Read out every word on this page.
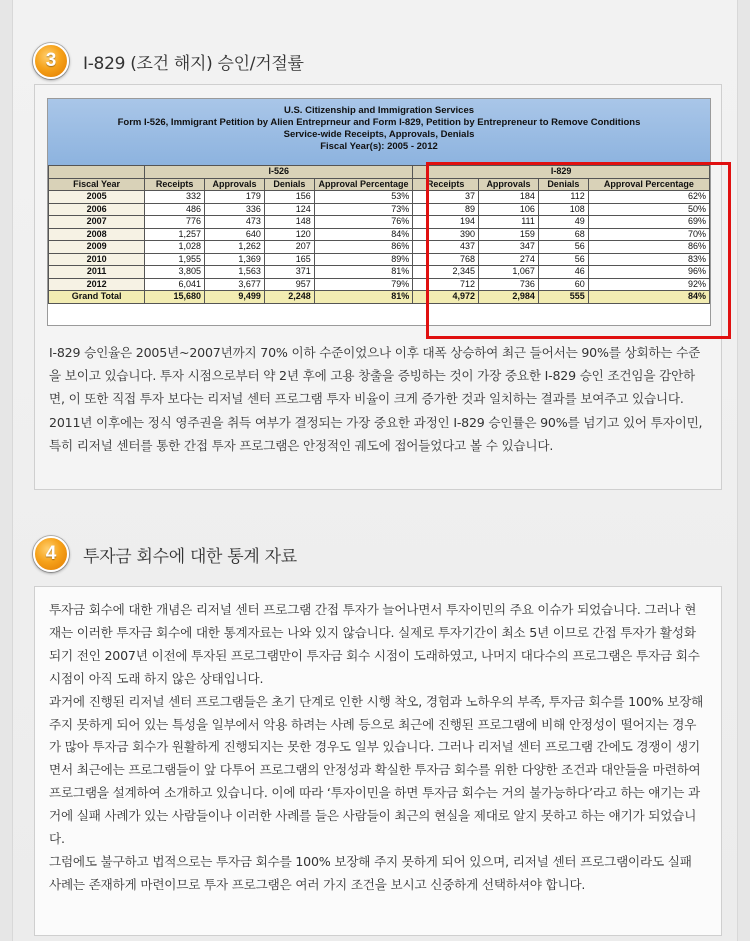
3	I-829 (조건 해지) 승인/거절률
U.S. Citizenship and Immigration Services
Form I-526, Immigrant Petition by Alien Entreprneur and Form I-829, Petition by Entrepreneur to Remove Conditions
Service-wide Receipts, Approvals, Denials
Fiscal Year(s): 2005 - 2012
	I-526				I-829			
Fiscal Year	Receipts	Approvals	Denials	Approval Percentage	Receipts	Approvals	Denials	Approval Percentage
2005	332	179	156	53%	37	184	112	62%
2006	486	336	124	73%	89	106	108	50%
2007	776	473	148	76%	194	111	49	69%
2008	1,257	640	120	84%	390	159	68	70%
2009	1,028	1,262	207	86%	437	347	56	86%
2010	1,955	1,369	165	89%	768	274	56	83%
2011	3,805	1,563	371	81%	2,345	1,067	46	96%
2012	6,041	3,677	957	79%	712	736	60	92%
Grand Total	15,680	9,499	2,248	81%	4,972	2,984	555	84%
I-829 승인율은 2005년~2007년까지 70% 이하 수준이었으나 이후 대폭 상승하여 최근 들어서는 90%를 상회하는 수준을 보이고 있습니다. 투자 시점으로부터 약 2년 후에 고용 창출을 증빙하는 것이 가장 중요한 I-829 승인 조건임을 감안하면, 이 또한 직접 투자 보다는 리저널 센터 프로그램 투자 비율이 크게 증가한 것과 일치하는 결과를 보여주고 있습니다. 2011년 이후에는 정식 영주권을 취득 여부가 결정되는 가장 중요한 과정인 I-829 승인률은 90%를 넘기고 있어 투자이민, 특히 리저널 센터를 통한 간접 투자 프로그램은 안정적인 궤도에 접어들었다고 볼 수 있습니다.
4	투자금 회수에 대한 통계 자료
투자금 회수에 대한 개념은 리저널 센터 프로그램 간접 투자가 늘어나면서 투자이민의 주요 이슈가 되었습니다. 그러나 현재는 이러한 투자금 회수에 대한 통계자료는 나와 있지 않습니다. 실제로 투자기간이 최소 5년 이므로 간접 투자가 활성화 되기 전인 2007년 이전에 투자된 프로그램만이 투자금 회수 시점이 도래하였고, 나머지 대다수의 프로그램은 투자금 회수 시점이 아직 도래 하지 않은 상태입니다.
과거에 진행된 리저널 센터 프로그램들은 초기 단계로 인한 시행 착오, 경험과 노하우의 부족, 투자금 회수를 100% 보장해 주지 못하게 되어 있는 특성을 일부에서 악용 하려는 사례 등으로 최근에 진행된 프로그램에 비해 안정성이 떨어지는 경우가 많아 투자금 회수가 원활하게 진행되지는 못한 경우도 일부 있습니다. 그러나 리저널 센터 프로그램 간에도 경쟁이 생기면서 최근에는 프로그램들이 앞 다투어 프로그램의 안정성과 확실한 투자금 회수를 위한 다양한 조건과 대안들을 마련하여 프로그램을 설계하여 소개하고 있습니다. 이에 따라 ‘투자이민을 하면 투자금 회수는 거의 불가능하다’라고 하는 얘기는 과거에 실패 사례가 있는 사람들이나 이러한 사례를 들은 사람들이 최근의 현실을 제대로 알지 못하고 하는 얘기가 되었습니다.
그럼에도 불구하고 법적으로는 투자금 회수를 100% 보장해 주지 못하게 되어 있으며, 리저널 센터 프로그램이라도 실패 사례는 존재하게 마련이므로 투자 프로그램은 여러 가지 조건을 보시고 신중하게 선택하셔야 합니다.
